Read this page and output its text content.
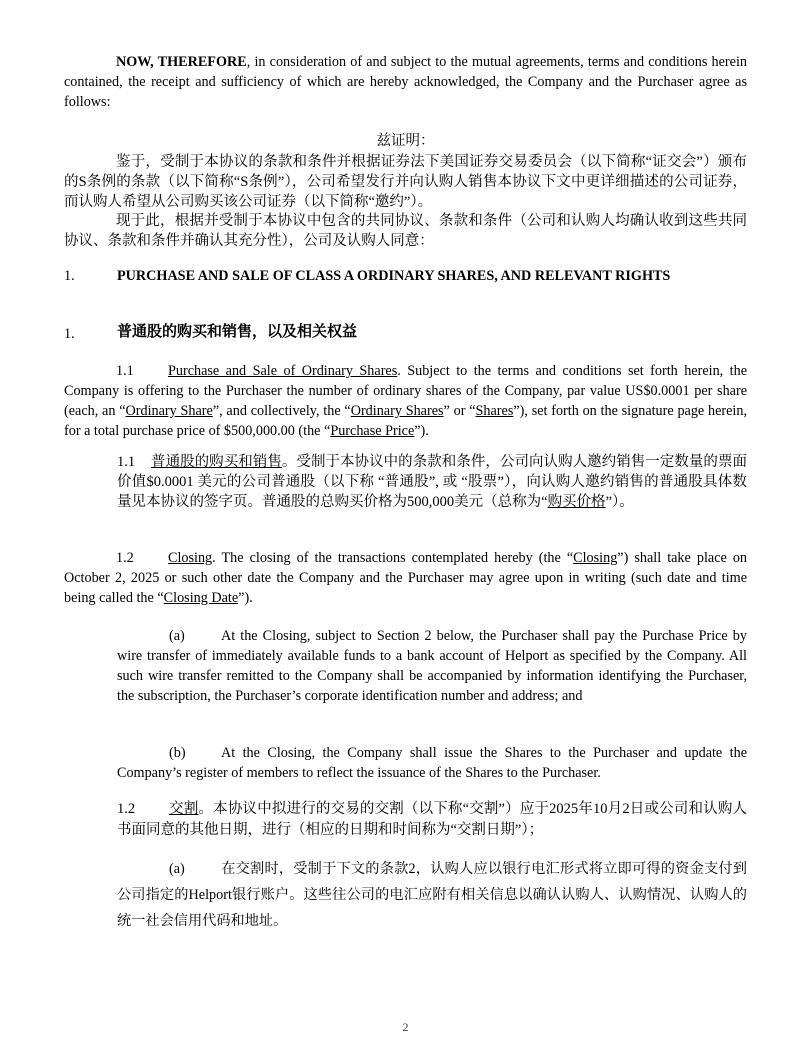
NOW, THEREFORE, in consideration of and subject to the mutual agreements, terms and conditions herein contained, the receipt and sufficiency of which are hereby acknowledged, the Company and the Purchaser agree as follows:

兹证明：

鉴于，受制于本协议的条款和条件并根据证券法下美国证券交易委员会（以下简称“证交会”）颁布的S条例的条款（以下简称“S条例”），公司希望发行并向认购人销售本协议下文中更详细描述的公司证券，而认购人希望从公司购买该公司证券（以下简称“邀约”）。

现于此，根据并受制于本协议中包含的共同协议、条款和条件（公司和认购人均确认收到这些共同协议、条款和条件并确认其充分性），公司及认购人同意：

1.	PURCHASE AND SALE OF CLASS A ORDINARY SHARES, AND RELEVANT RIGHTS

1.	普通股的购买和销售，以及相关权益

1.1 Purchase and Sale of Ordinary Shares. Subject to the terms and conditions set forth herein, the Company is offering to the Purchaser the number of ordinary shares of the Company, par value US$0.0001 per share (each, an “Ordinary Share”, and collectively, the “Ordinary Shares” or “Shares”), set forth on the signature page herein, for a total purchase price of $500,000.00 (the “Purchase Price”).

1.1 普通股的购买和销售。受制于本协议中的条款和条件，公司向认购人邀约销售一定数量的票面价值$0.0001 美元的公司普通股（以下称 “普通股”, 或 “股票”），向认购人邀约销售的普通股具体数量见本协议的签字页。普通股的总购买价格为500,000美元（总称为“购买价格”）。

1.2 Closing. The closing of the transactions contemplated hereby (the “Closing”) shall take place on October 2, 2025 or such other date the Company and the Purchaser may agree upon in writing (such date and time being called the “Closing Date”).

(a)	At the Closing, subject to Section 2 below, the Purchaser shall pay the Purchase Price by wire transfer of immediately available funds to a bank account of Helport as specified by the Company. All such wire transfer remitted to the Company shall be accompanied by information identifying the Purchaser, the subscription, the Purchaser’s corporate identification number and address; and

(b) At the Closing, the Company shall issue the Shares to the Purchaser and update the Company’s register of members to reflect the issuance of the Shares to the Purchaser.

1.2 交割。本协议中拟进行的交易的交割（以下称“交割”）应于2025年10月2日或公司和认购人书面同意的其他日期，进行（相应的日期和时间称为“交割日期”）；

(a)	在交割时，受制于下文的条款2，认购人应以银行电汇形式将立即可得的资金支付到公司指定的Helport银行账户。这些往公司的电汇应附有相关信息以确认认购人、认购情况、认购人的统一社会信用代码和地址。

2
